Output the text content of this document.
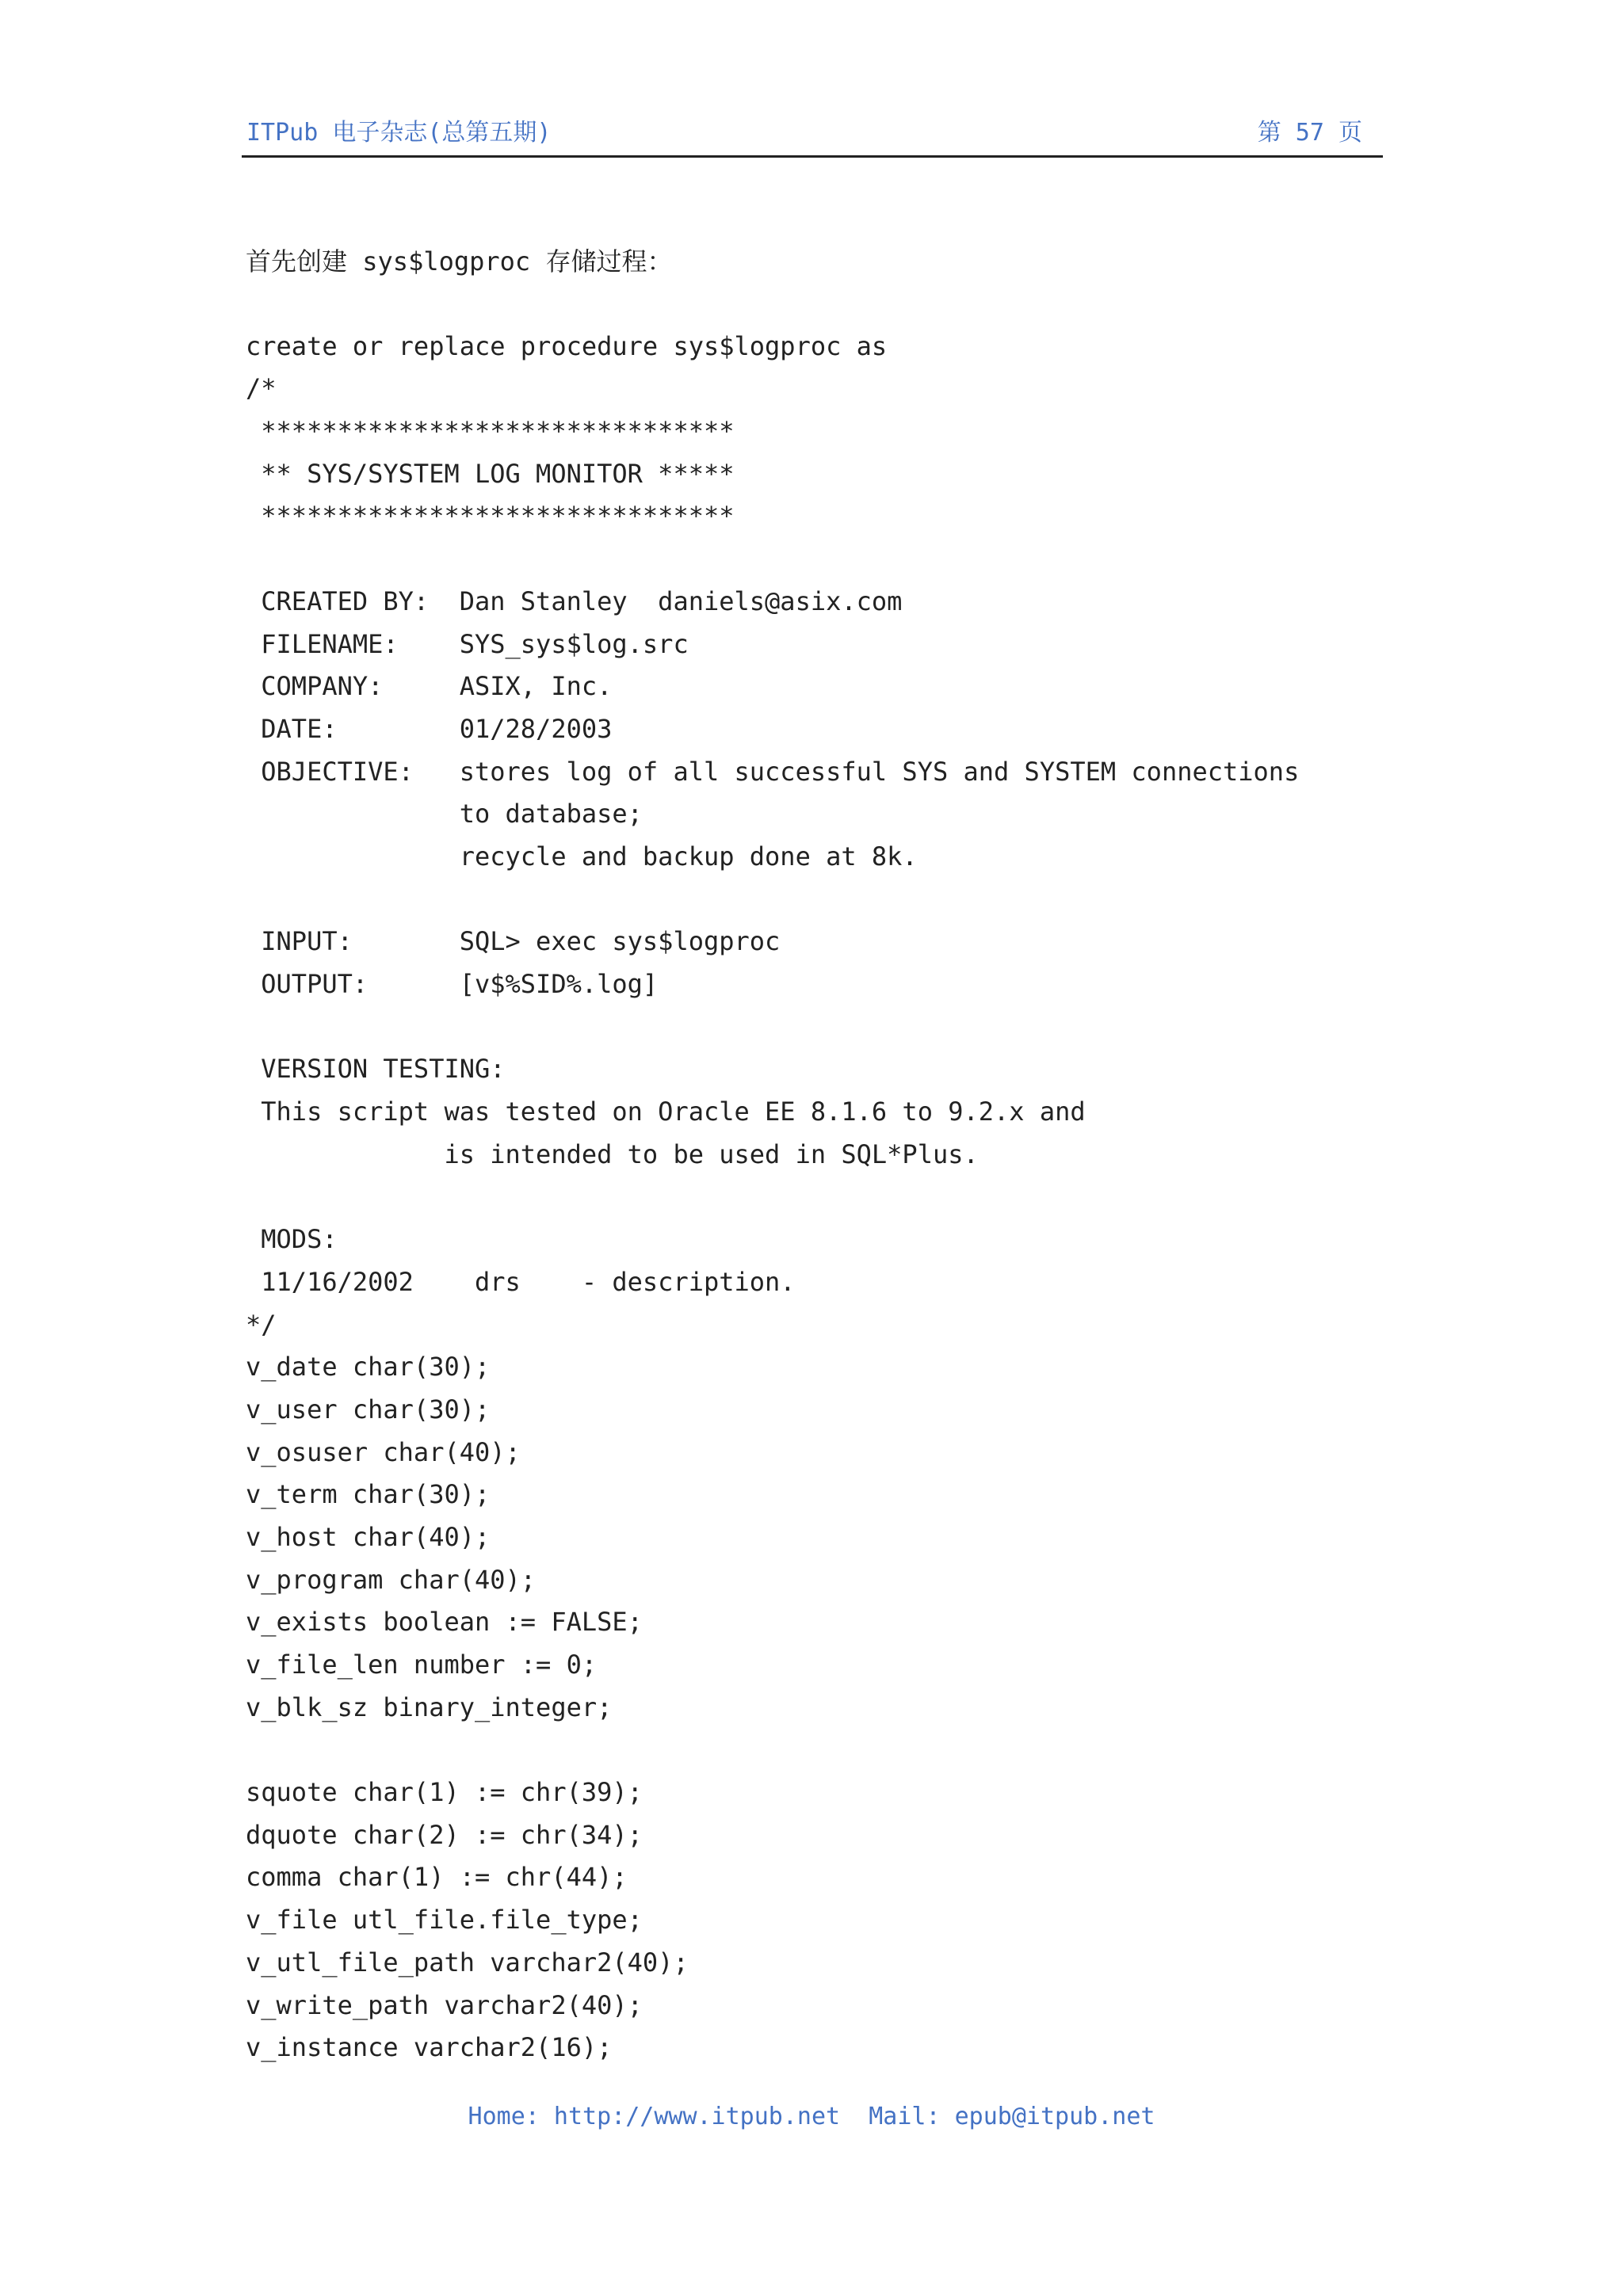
ITPub 电子杂志(总第五期)	第 57 页
首先创建 sys$logproc 存储过程：
create or replace procedure sys$logproc as
/*
*******************************
** SYS/SYSTEM LOG MONITOR *****
*******************************
CREATED BY:  Dan Stanley  daniels@asix.com
FILENAME:    SYS_sys$log.src
COMPANY:     ASIX, Inc.
DATE:        01/28/2003
OBJECTIVE:   stores log of all successful SYS and SYSTEM connections
to database;
recycle and backup done at 8k.
INPUT:       SQL> exec sys$logproc
OUTPUT:      [v$%SID%.log]
VERSION TESTING:
This script was tested on Oracle EE 8.1.6 to 9.2.x and
is intended to be used in SQL*Plus.
MODS:
11/16/2002    drs    - description.
*/
v_date char(30);
v_user char(30);
v_osuser char(40);
v_term char(30);
v_host char(40);
v_program char(40);
v_exists boolean := FALSE;
v_file_len number := 0;
v_blk_sz binary_integer;
squote char(1) := chr(39);
dquote char(2) := chr(34);
comma char(1) := chr(44);
v_file utl_file.file_type;
v_utl_file_path varchar2(40);
v_write_path varchar2(40);
v_instance varchar2(16);
Home: http://www.itpub.net  Mail: epub@itpub.net
